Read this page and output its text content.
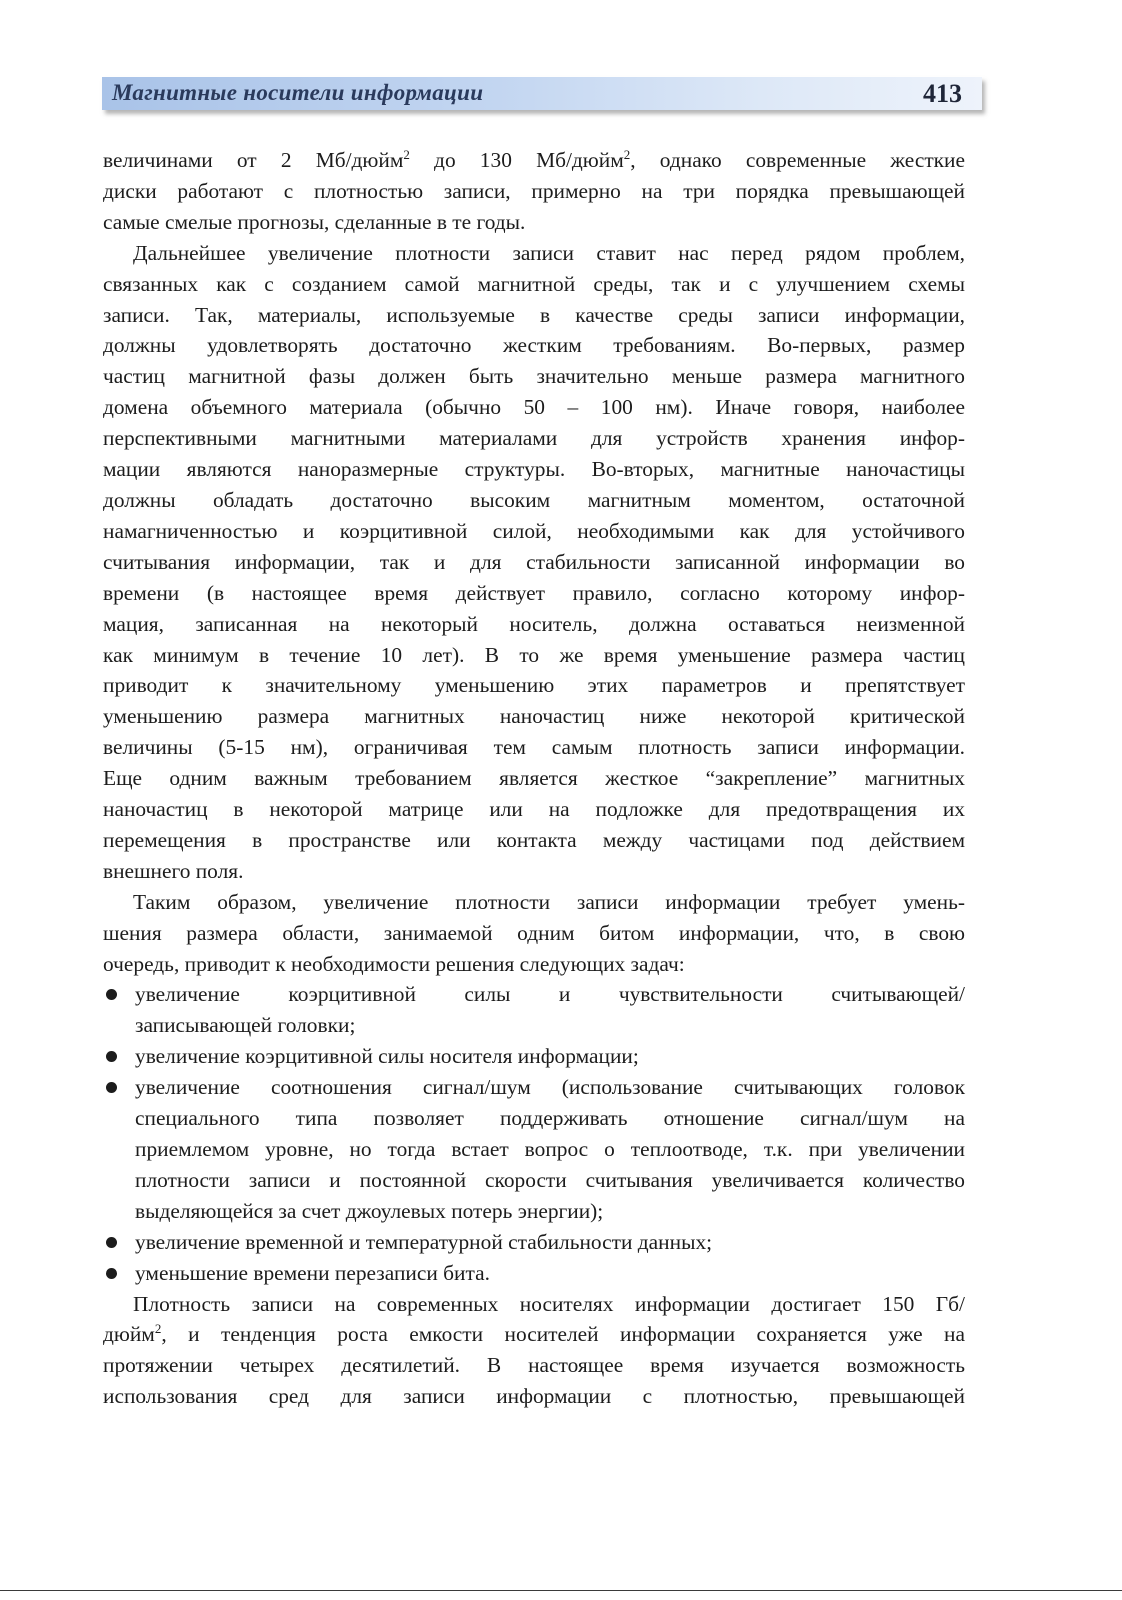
Магнитные носители информации	413

величинами от 2 Мб/дюйм$^2$ до 130 Мб/дюйм$^2$, однако современные жесткие

диски работают с плотностью записи, примерно на три порядка превышающей

самые смелые прогнозы, сделанные в те годы.

Дальнейшее увеличение плотности записи ставит нас перед рядом проблем,

связанных как с созданием самой магнитной среды, так и с улучшением схемы

записи. Так, материалы, используемые в качестве среды записи информации,

должны удовлетворять достаточно жестким требованиям. Во-первых, размер

частиц магнитной фазы должен быть значительно меньше размера магнитного

домена объемного материала (обычно 50 – 100 нм). Иначе говоря, наиболее

перспективными магнитными материалами для устройств хранения инфор-

мации являются наноразмерные структуры. Во-вторых, магнитные наночастицы

должны обладать достаточно высоким магнитным моментом, остаточной

намагниченностью и коэрцитивной силой, необходимыми как для устойчивого

считывания информации, так и для стабильности записанной информации во

времени (в настоящее время действует правило, согласно которому инфор-

мация, записанная на некоторый носитель, должна оставаться неизменной

как минимум в течение 10 лет). В то же время уменьшение размера частиц

приводит к значительному уменьшению этих параметров и препятствует

уменьшению размера магнитных наночастиц ниже некоторой критической

величины (5-15 нм), ограничивая тем самым плотность записи информации.

Еще одним важным требованием является жесткое “закрепление” магнитных

наночастиц в некоторой матрице или на подложке для предотвращения их

перемещения в пространстве или контакта между частицами под действием

внешнего поля.

Таким образом, увеличение плотности записи информации требует умень-

шения размера области, занимаемой одним битом информации, что, в свою

очередь, приводит к необходимости решения следующих задач:

увеличение коэрцитивной силы и чувствительности считывающей/

записывающей головки;

увеличение коэрцитивной силы носителя информации;

увеличение соотношения сигнал/шум (использование считывающих головок

специального типа позволяет поддерживать отношение сигнал/шум на

приемлемом уровне, но тогда встает вопрос о теплоотводе, т.к. при увеличении

плотности записи и постоянной скорости считывания увеличивается количество

выделяющейся за счет джоулевых потерь энергии);

увеличение временной и температурной стабильности данных;

уменьшение времени перезаписи бита.

Плотность записи на современных носителях информации достигает 150 Гб/

дюйм$^2$, и тенденция роста емкости носителей информации сохраняется уже на

протяжении четырех десятилетий. В настоящее время изучается возможность

использования сред для записи информации с плотностью, превышающей
